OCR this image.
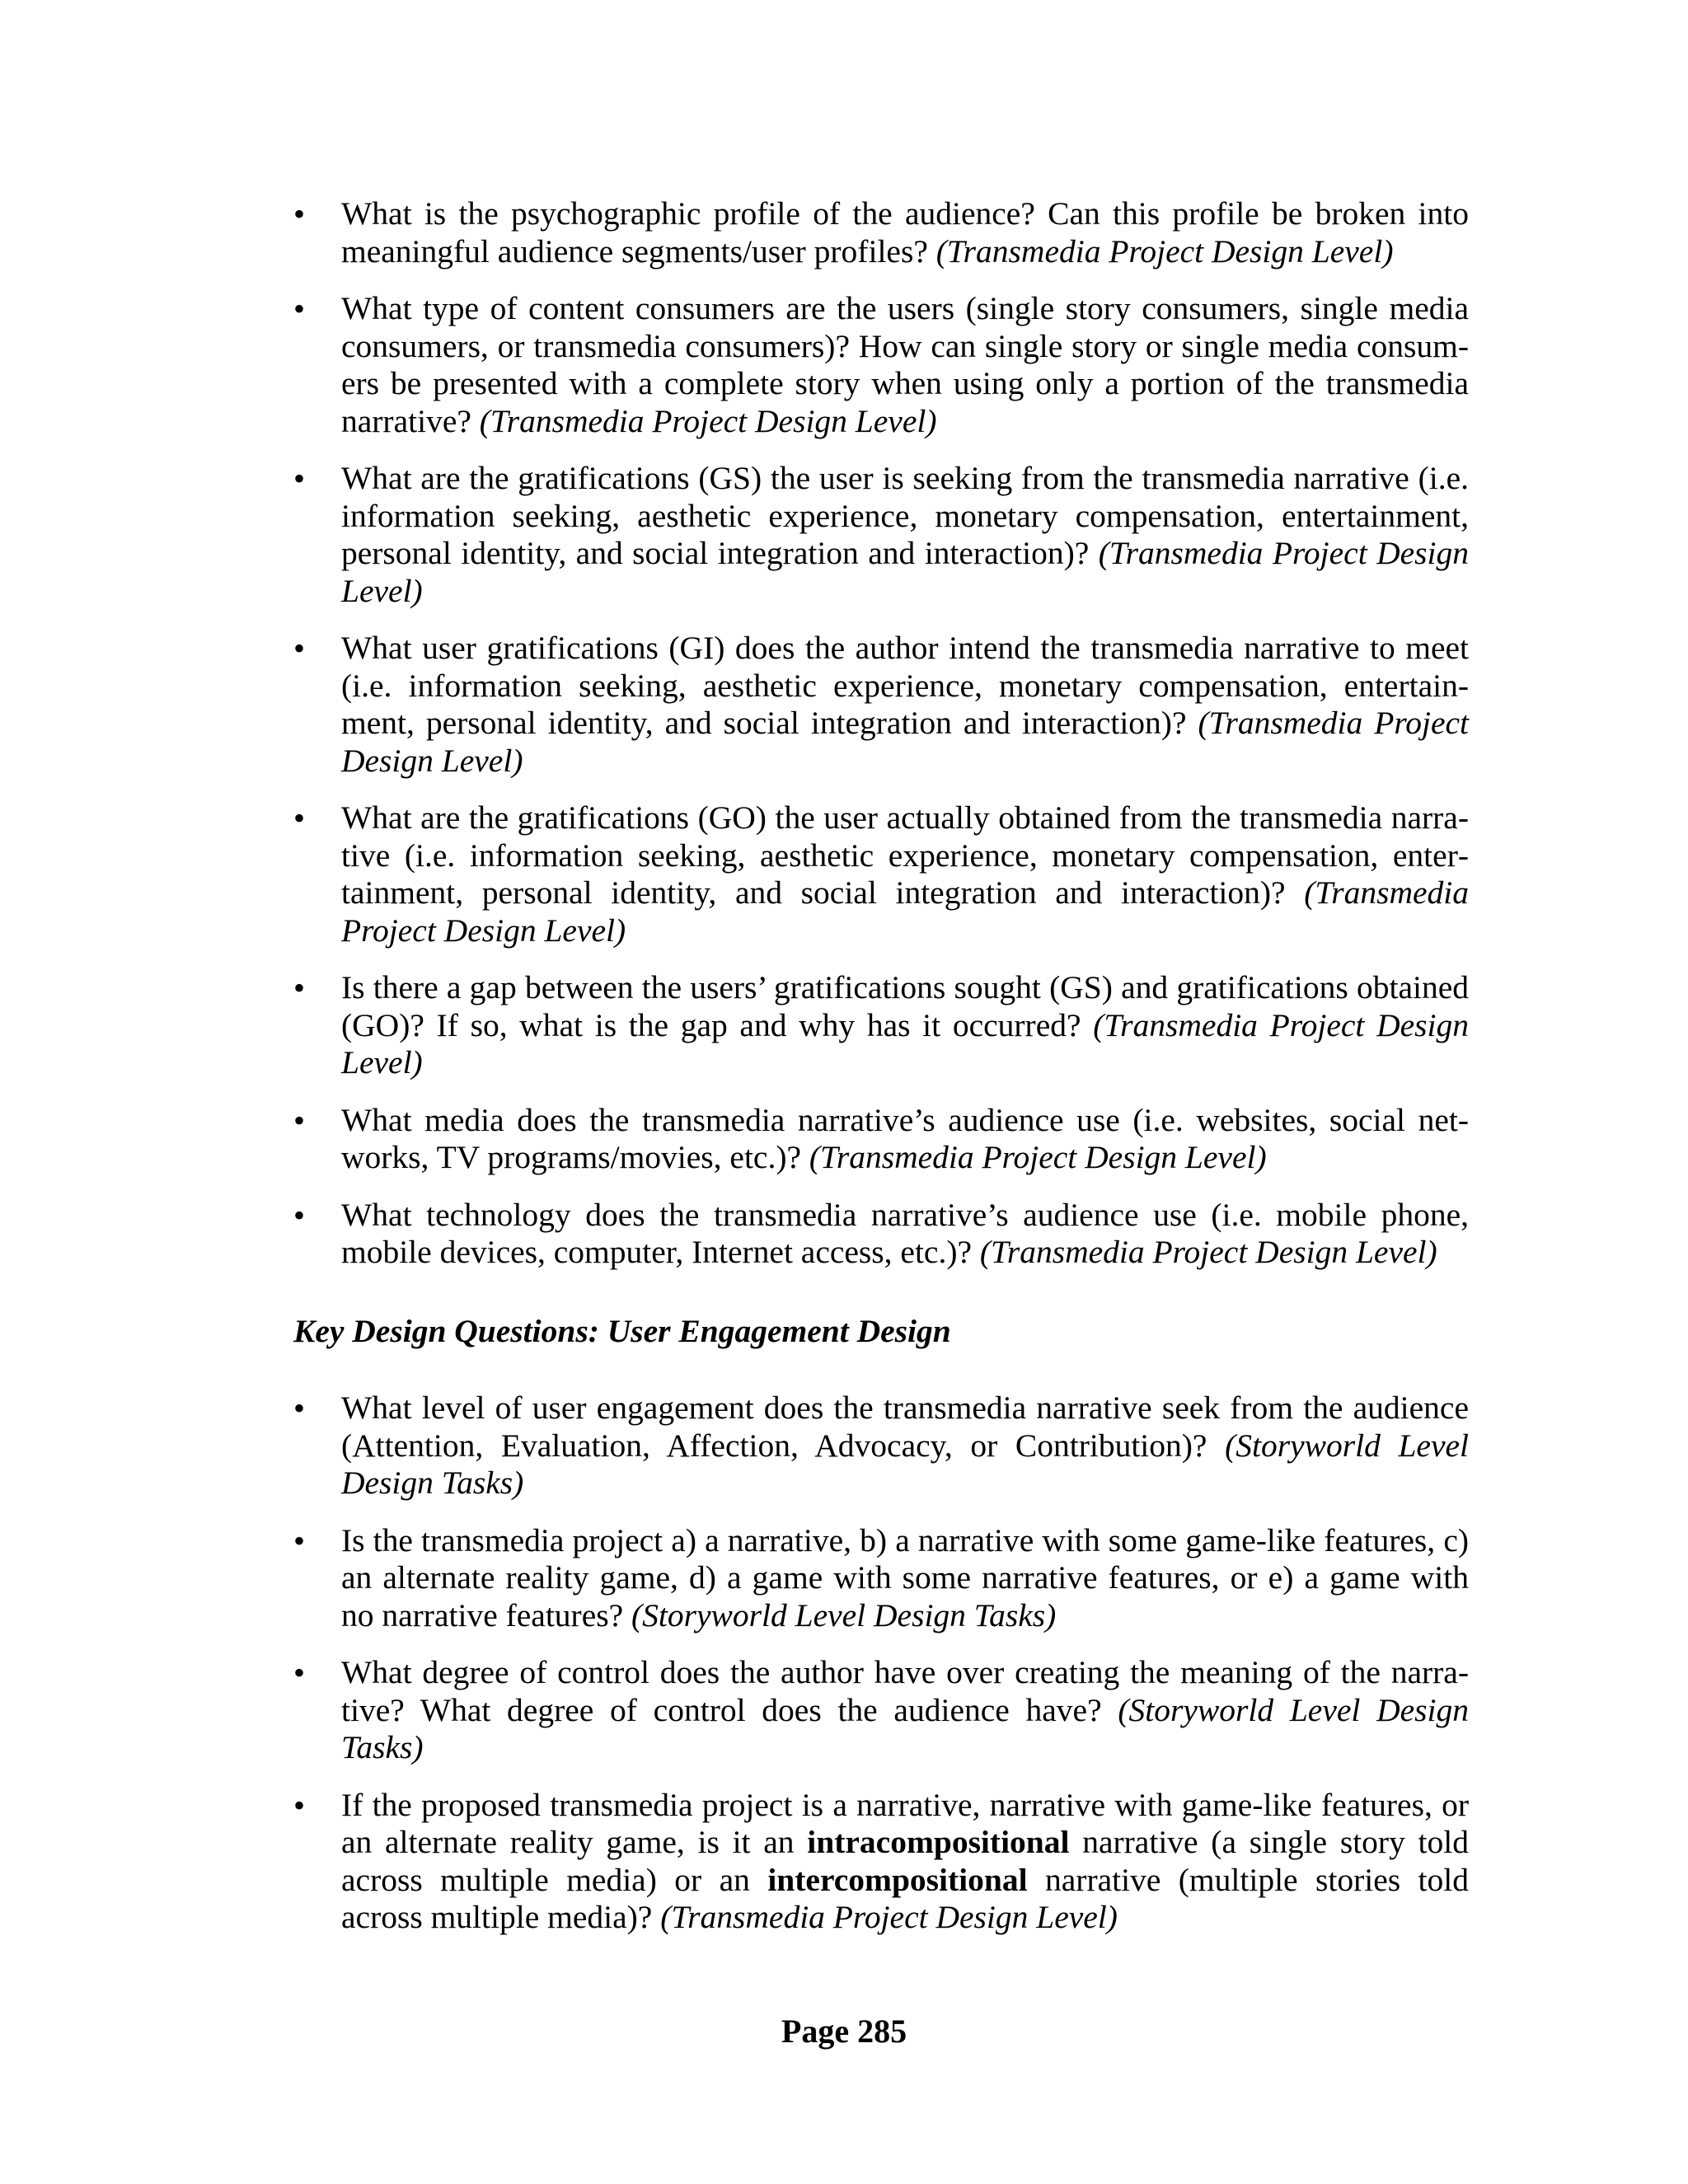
•	What is the psychographic profile of the audience? Can this profile be broken into meaningful audience segments/user profiles? (Transmedia Project Design Level)
•	What type of content consumers are the users (single story consumers, single media consumers, or transmedia consumers)? How can single story or single media consumers be presented with a complete story when using only a portion of the transmedia narrative? (Transmedia Project Design Level)
•	What are the gratifications (GS) the user is seeking from the transmedia narrative (i.e. information seeking, aesthetic experience, monetary compensation, entertainment, personal identity, and social integration and interaction)? (Transmedia Project Design Level)
•	What user gratifications (GI) does the author intend the transmedia narrative to meet (i.e. information seeking, aesthetic experience, monetary compensation, entertainment, personal identity, and social integration and interaction)? (Transmedia Project Design Level)
•	What are the gratifications (GO) the user actually obtained from the transmedia narrative (i.e. information seeking, aesthetic experience, monetary compensation, entertainment, personal identity, and social integration and interaction)? (Transmedia Project Design Level)
•	Is there a gap between the users’ gratifications sought (GS) and gratifications obtained (GO)? If so, what is the gap and why has it occurred? (Transmedia Project Design Level)
•	What media does the transmedia narrative’s audience use (i.e. websites, social networks, TV programs/movies, etc.)? (Transmedia Project Design Level)
•	What technology does the transmedia narrative’s audience use (i.e. mobile phone, mobile devices, computer, Internet access, etc.)? (Transmedia Project Design Level)
Key Design Questions: User Engagement Design
•	What level of user engagement does the transmedia narrative seek from the audience (Attention, Evaluation, Affection, Advocacy, or Contribution)? (Storyworld Level Design Tasks)
•	Is the transmedia project a) a narrative, b) a narrative with some game-like features, c) an alternate reality game, d) a game with some narrative features, or e) a game with no narrative features? (Storyworld Level Design Tasks)
•	What degree of control does the author have over creating the meaning of the narrative? What degree of control does the audience have? (Storyworld Level Design Tasks)
•	If the proposed transmedia project is a narrative, narrative with game-like features, or an alternate reality game, is it an intracompositional narrative (a single story told across multiple media) or an intercompositional narrative (multiple stories told across multiple media)? (Transmedia Project Design Level)
Page 285
